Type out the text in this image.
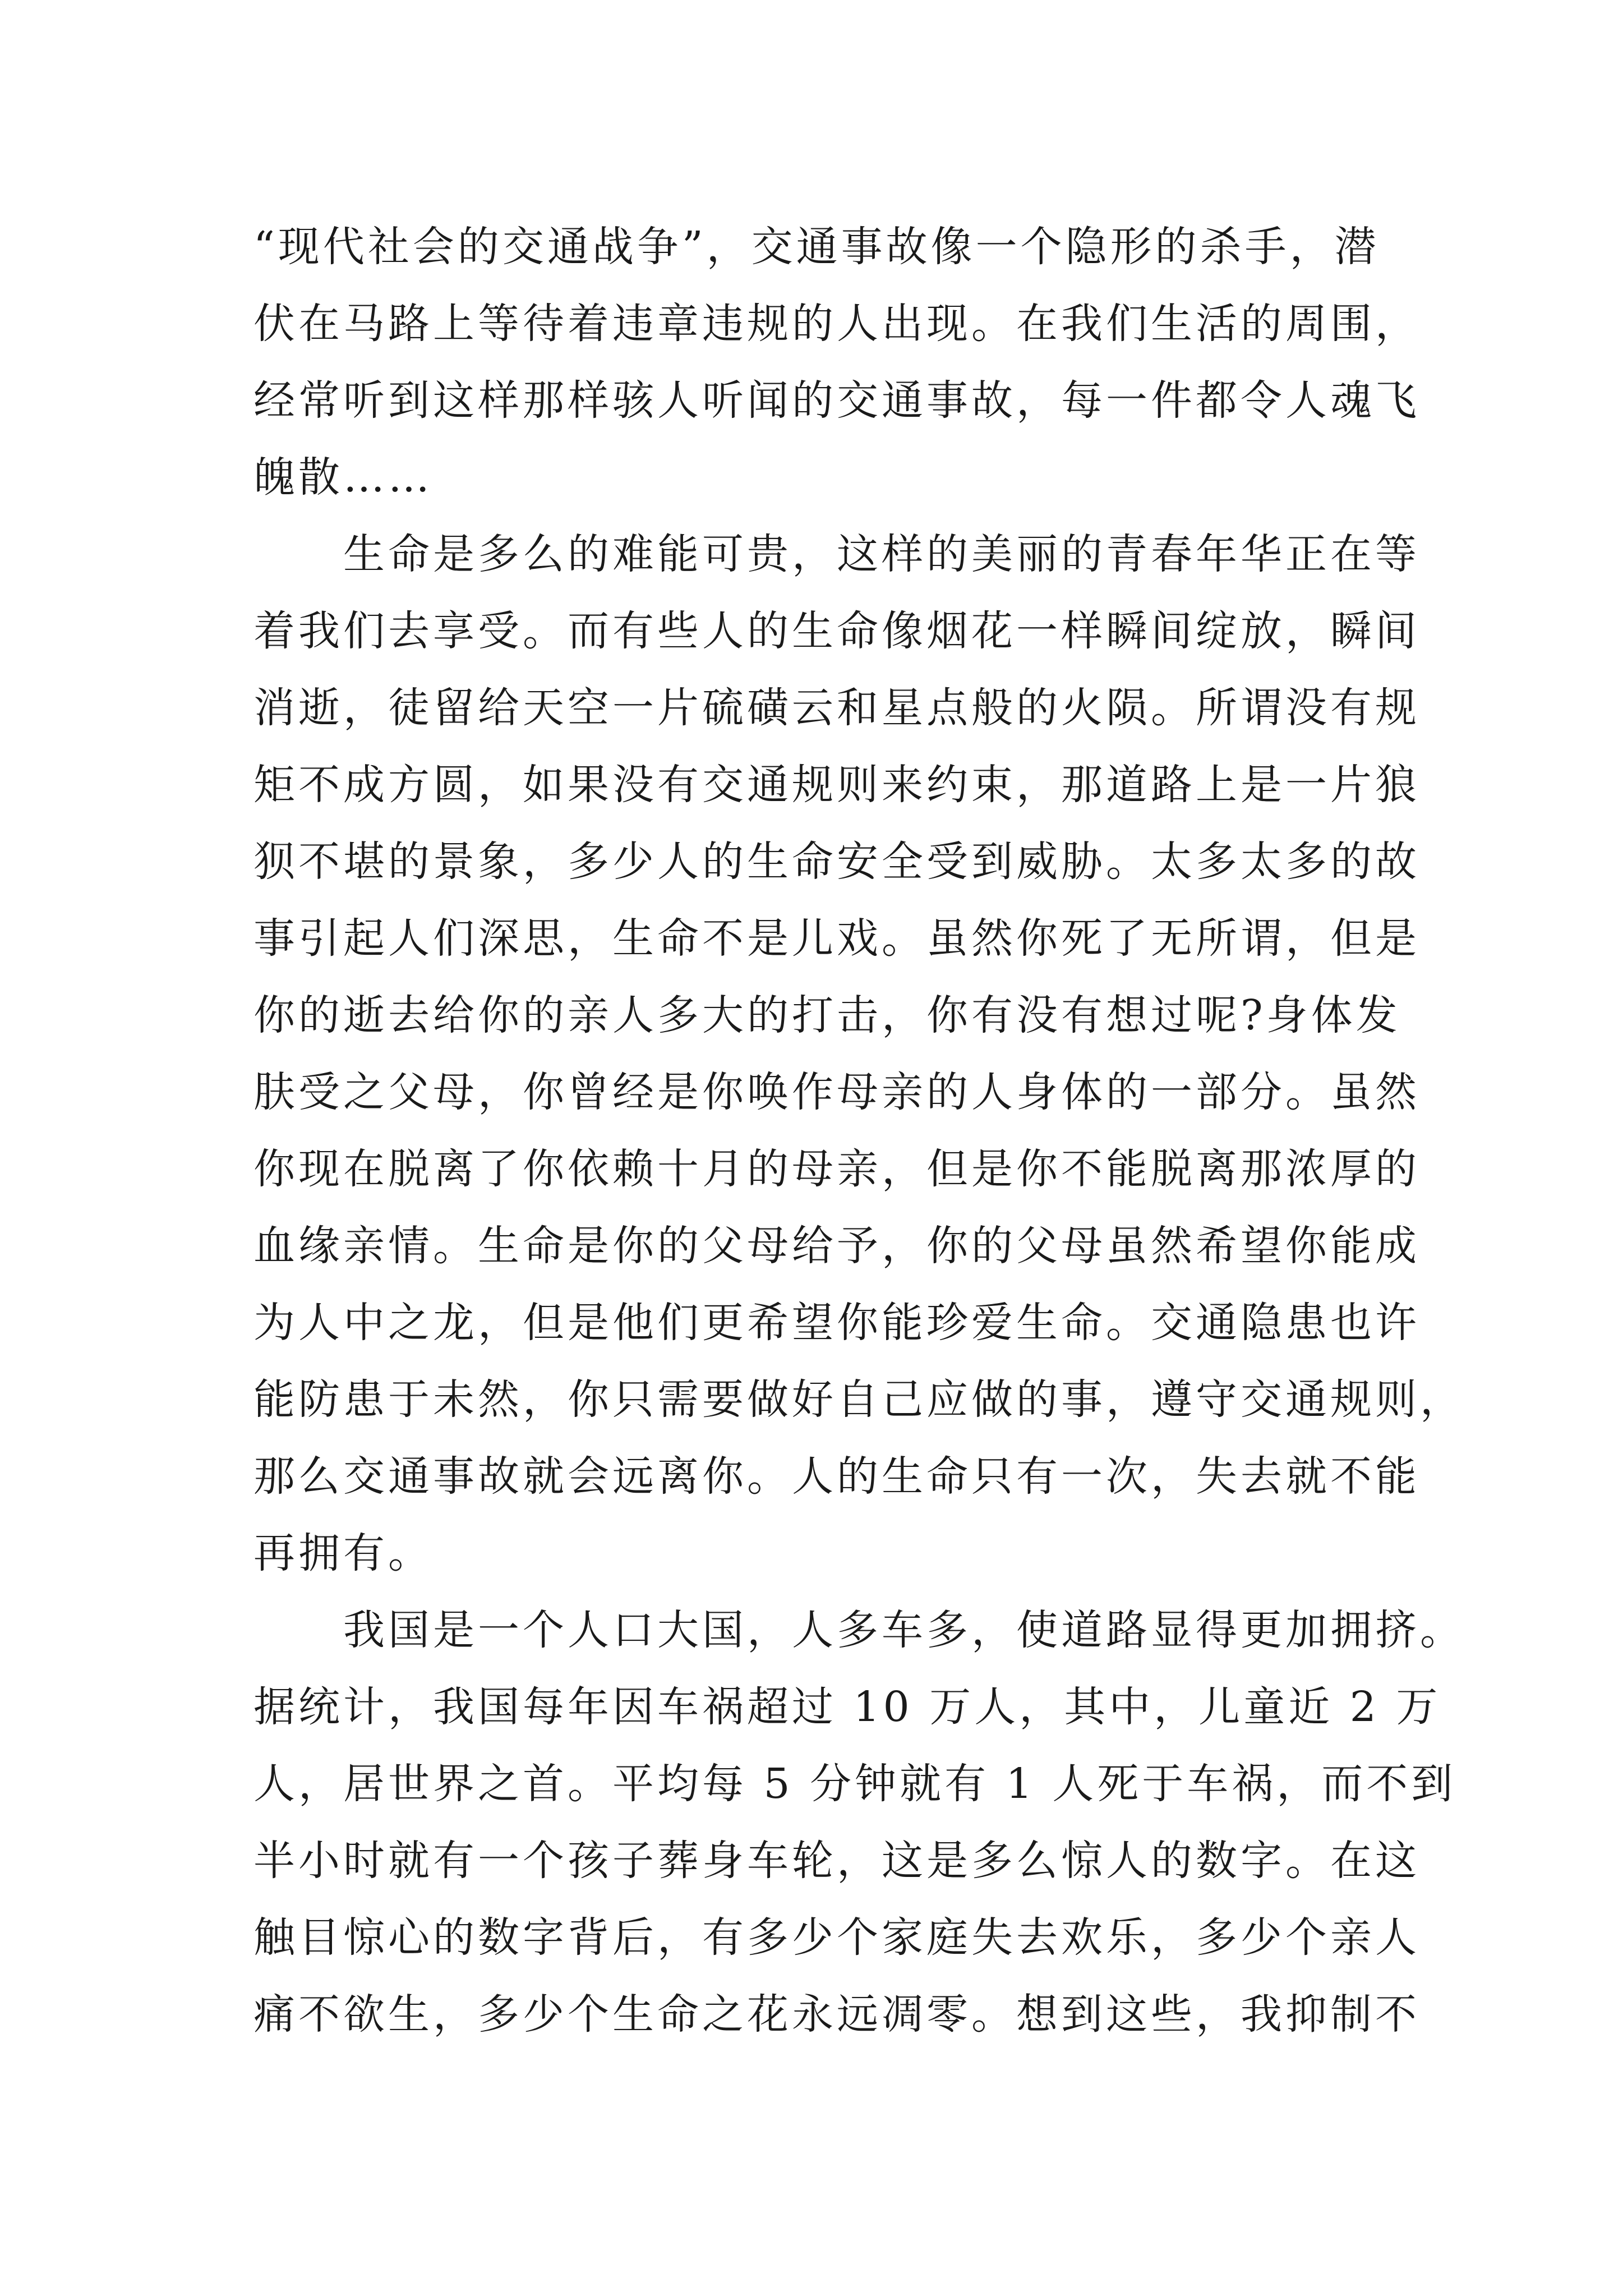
“现代社会的交通战争”，交通事故像一个隐形的杀手，潜
伏在马路上等待着违章违规的人出现。在我们生活的周围，
经常听到这样那样骇人听闻的交通事故，每一件都令人魂飞
魄散……
　　生命是多么的难能可贵，这样的美丽的青春年华正在等
着我们去享受。而有些人的生命像烟花一样瞬间绽放，瞬间
消逝，徒留给天空一片硫磺云和星点般的火陨。所谓没有规
矩不成方圆，如果没有交通规则来约束，那道路上是一片狼
狈不堪的景象，多少人的生命安全受到威胁。太多太多的故
事引起人们深思，生命不是儿戏。虽然你死了无所谓，但是
你的逝去给你的亲人多大的打击，你有没有想过呢?身体发
肤受之父母，你曾经是你唤作母亲的人身体的一部分。虽然
你现在脱离了你依赖十月的母亲，但是你不能脱离那浓厚的
血缘亲情。生命是你的父母给予，你的父母虽然希望你能成
为人中之龙，但是他们更希望你能珍爱生命。交通隐患也许
能防患于未然，你只需要做好自己应做的事，遵守交通规则，
那么交通事故就会远离你。人的生命只有一次，失去就不能
再拥有。
　　我国是一个人口大国，人多车多，使道路显得更加拥挤。
据统计，我国每年因车祸超过 10 万人，其中，儿童近 2 万
人，居世界之首。平均每 5 分钟就有 1 人死于车祸，而不到
半小时就有一个孩子葬身车轮，这是多么惊人的数字。在这
触目惊心的数字背后，有多少个家庭失去欢乐，多少个亲人
痛不欲生，多少个生命之花永远凋零。想到这些，我抑制不
